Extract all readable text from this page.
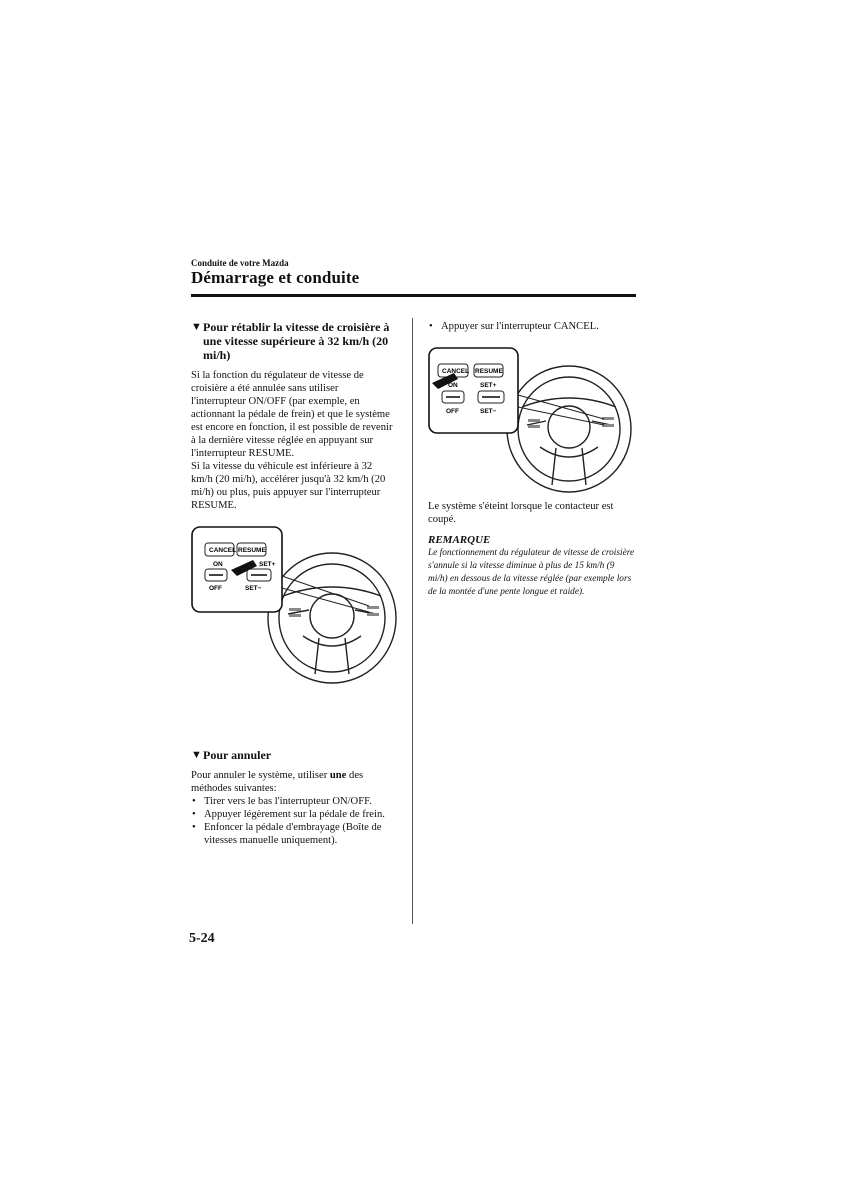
Conduite de votre Mazda
Démarrage et conduite
▼ Pour rétablir la vitesse de croisière à une vitesse supérieure à 32 km/h (20 mi/h)

Si la fonction du régulateur de vitesse de croisière a été annulée sans utiliser l'interrupteur ON/OFF (par exemple, en actionnant la pédale de frein) et que le système est encore en fonction, il est possible de revenir à la dernière vitesse réglée en appuyant sur l'interrupteur RESUME.

Si la vitesse du véhicule est inférieure à 32 km/h (20 mi/h), accélérer jusqu'à 32 km/h (20 mi/h) ou plus, puis appuyer sur l'interrupteur RESUME.

CANCEL RESUME
ON	SET+
OFF	SET−
▼ Pour annuler

Pour annuler le système, utiliser une des méthodes suivantes:

• Tirer vers le bas l'interrupteur ON/OFF.
• Appuyer légèrement sur la pédale de frein.
• Enfoncer la pédale d'embrayage (Boîte de vitesses manuelle uniquement).
• Appuyer sur l'interrupteur CANCEL.
CANCEL RESUME
ON	SET+
OFF	SET−

Le système s'éteint lorsque le contacteur est coupé.

REMARQUE

Le fonctionnement du régulateur de vitesse de croisière s'annule si la vitesse diminue à plus de 15 km/h (9 mi/h) en dessous de la vitesse réglée (par exemple lors de la montée d'une pente longue et raide).

5-24
